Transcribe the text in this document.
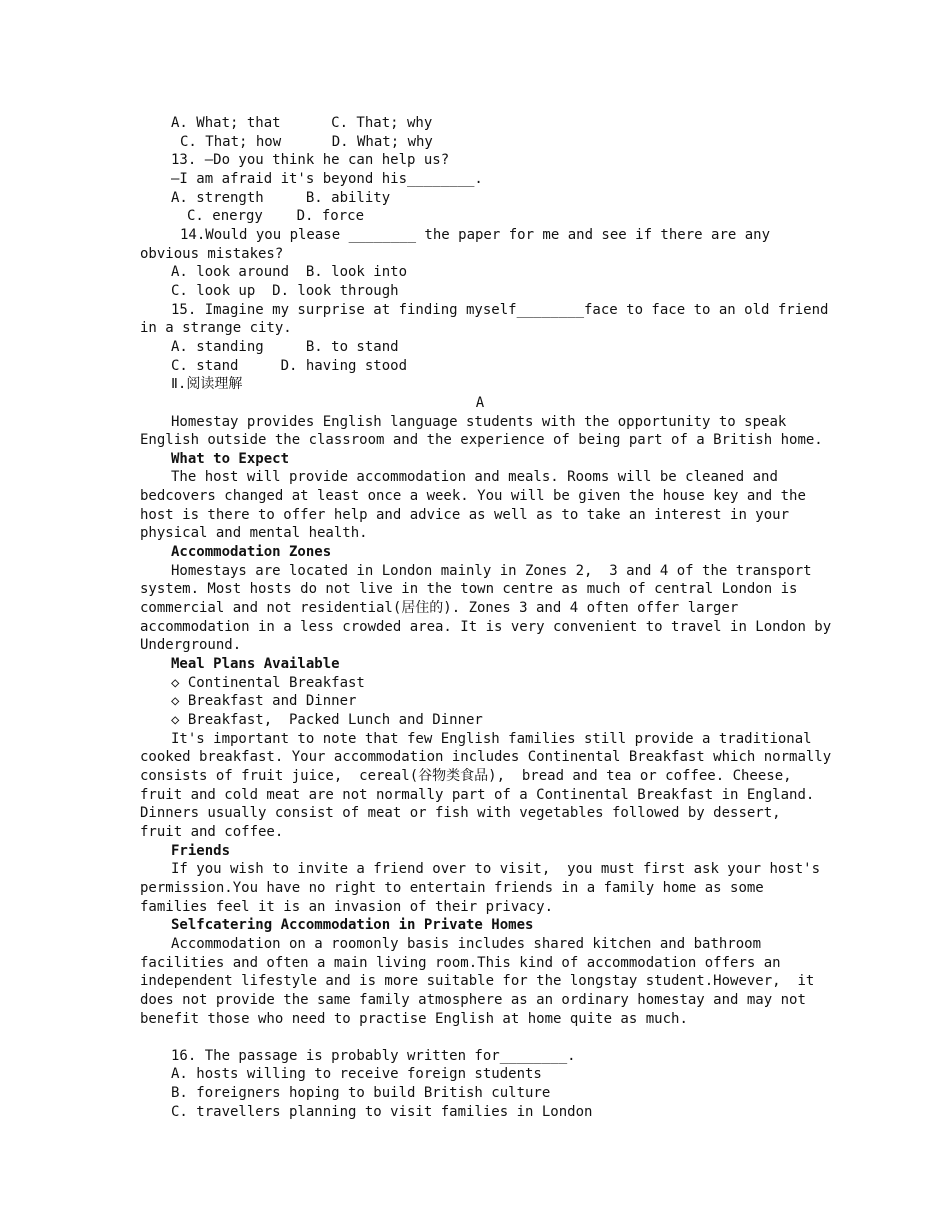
A. What; that      C. That; why
C. That; how      D. What; why
13. —Do you think he can help us?
—I am afraid it's beyond his________.
A. strength     B. ability
C. energy    D. force
14.Would you please ________ the paper for me and see if there are any
obvious mistakes?
A. look around  B. look into
C. look up  D. look through
15. Imagine my surprise at finding myself________face to face to an old friend
in a strange city.
A. standing     B. to stand
C. stand     D. having stood
Ⅱ.阅读理解
A
Homestay provides English language students with the opportunity to speak
English outside the classroom and the experience of being part of a British home.
What to Expect
The host will provide accommodation and meals. Rooms will be cleaned and
bedcovers changed at least once a week. You will be given the house key and the
host is there to offer help and advice as well as to take an interest in your
physical and mental health.
Accommodation Zones
Homestays are located in London mainly in Zones 2,  3 and 4 of the transport
system. Most hosts do not live in the town centre as much of central London is
commercial and not residential(居住的). Zones 3 and 4 often offer larger
accommodation in a less crowded area. It is very convenient to travel in London by
Underground.
Meal Plans Available
◇ Continental Breakfast
◇ Breakfast and Dinner
◇ Breakfast,  Packed Lunch and Dinner
It's important to note that few English families still provide a traditional
cooked breakfast. Your accommodation includes Continental Breakfast which normally
consists of fruit juice,  cereal(谷物类食品),  bread and tea or coffee. Cheese,
fruit and cold meat are not normally part of a Continental Breakfast in England.
Dinners usually consist of meat or fish with vegetables followed by dessert,
fruit and coffee.
Friends
If you wish to invite a friend over to visit,  you must first ask your host's
permission.You have no right to entertain friends in a family home as some
families feel it is an invasion of their privacy.
Selfcatering Accommodation in Private Homes
Accommodation on a roomonly basis includes shared kitchen and bathroom
facilities and often a main living room.This kind of accommodation offers an
independent lifestyle and is more suitable for the longstay student.However,  it
does not provide the same family atmosphere as an ordinary homestay and may not
benefit those who need to practise English at home quite as much.
16. The passage is probably written for________.
A. hosts willing to receive foreign students
B. foreigners hoping to build British culture
C. travellers planning to visit families in London
